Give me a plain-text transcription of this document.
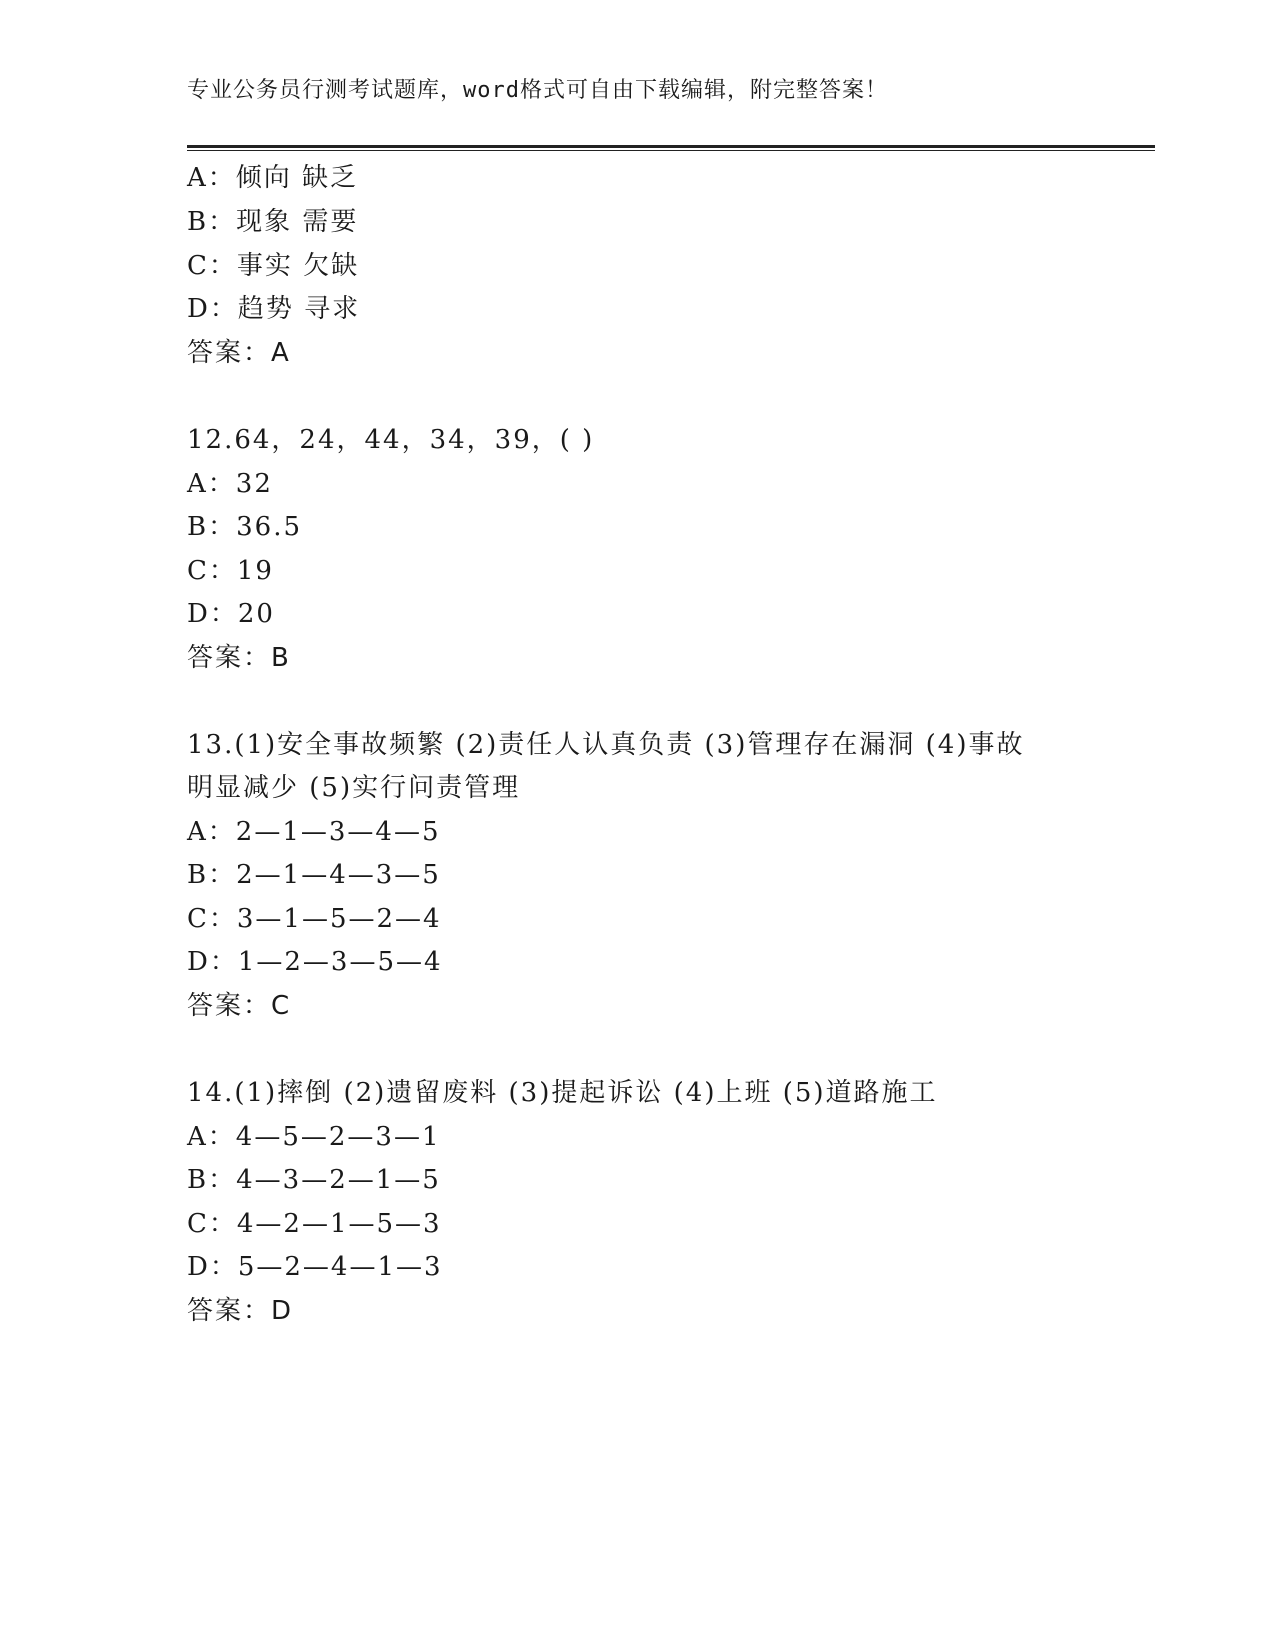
专业公务员行测考试题库，word格式可自由下载编辑，附完整答案！
A：倾向 缺乏
B：现象 需要
C：事实 欠缺
D：趋势 寻求
答案：A
12.64，24，44，34，39，( )
A：32
B：36.5
C：19
D：20
答案：B
13.(1)安全事故频繁 (2)责任人认真负责 (3)管理存在漏洞 (4)事故
明显减少 (5)实行问责管理
A：2—1—3—4—5
B：2—1—4—3—5
C：3—1—5—2—4
D：1—2—3—5—4
答案：C
14.(1)摔倒 (2)遗留废料 (3)提起诉讼 (4)上班 (5)道路施工
A：4—5—2—3—1
B：4—3—2—1—5
C：4—2—1—5—3
D：5—2—4—1—3
答案：D
